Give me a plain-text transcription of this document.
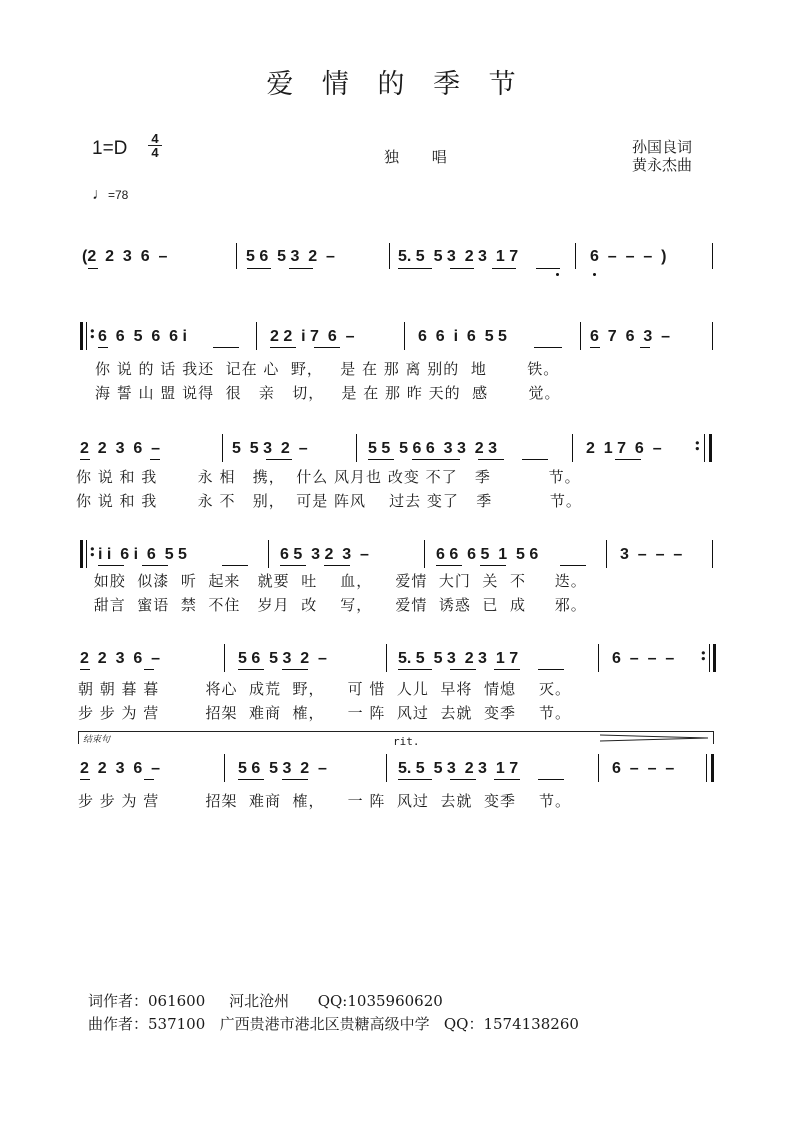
爱 情 的 季 节
1=D 4
4	独 唱
孙国良词
黄永杰曲
♩=78
(2  2  3  6  –	5 6  5 3  2  –	5. 5  5 3  2 3  1 7	6  –  –  –  )
: 6  6  5  6  6 i	2 2  i 7  6  –	6  6  i  6  5 5	6  7  6  3  –
你 说 的 话 我还  记在 心  野，   是 在 那 离 别的  地       铁。
海 誓 山 盟 说得  很   亲   切，   是 在 那 昨 天的  感       觉。
2  2  3  6  –	5  5 3  2  –	5 5  5 6 6  3 3  2 3	2  1 7  6  – :
你 说 和 我       永 相   携，  什么 风月也 改变 不了   季          节。
你 说 和 我       永 不   别，  可是 阵风    过去 变了   季          节。
: i i  6 i  6  5 5	6 5  3 2  3  –	6 6  6 5  1  5 6	3  –  –  –
如胶  似漆  听  起来   就要  吐    血，    爱情  大门  关  不     迭。
甜言  蜜语  禁  不住   岁月  改    写，    爱情  诱惑  已  成     邪。
2  2  3  6  –	5 6  5 3  2  –	5. 5  5 3  2 3  1 7	6  –  –  – :
朝 朝 暮 暮        将心  成荒  野，    可 惜  人儿  早将  情熄    灭。
步 步 为 营        招架  难商  榷，    一 阵  风过  去就  变季    节。
结束句	rit.
2  2  3  6  –	5 6  5 3  2  –	5. 5  5 3  2 3  1 7	6  –  –  –
步 步 为 营        招架  难商  榷，    一 阵  风过  去就  变季    节。
词作者：061600     河北沧州      QQ:1035960620
曲作者：537100   广西贵港市港北区贵糖高级中学   QQ：1574138260
